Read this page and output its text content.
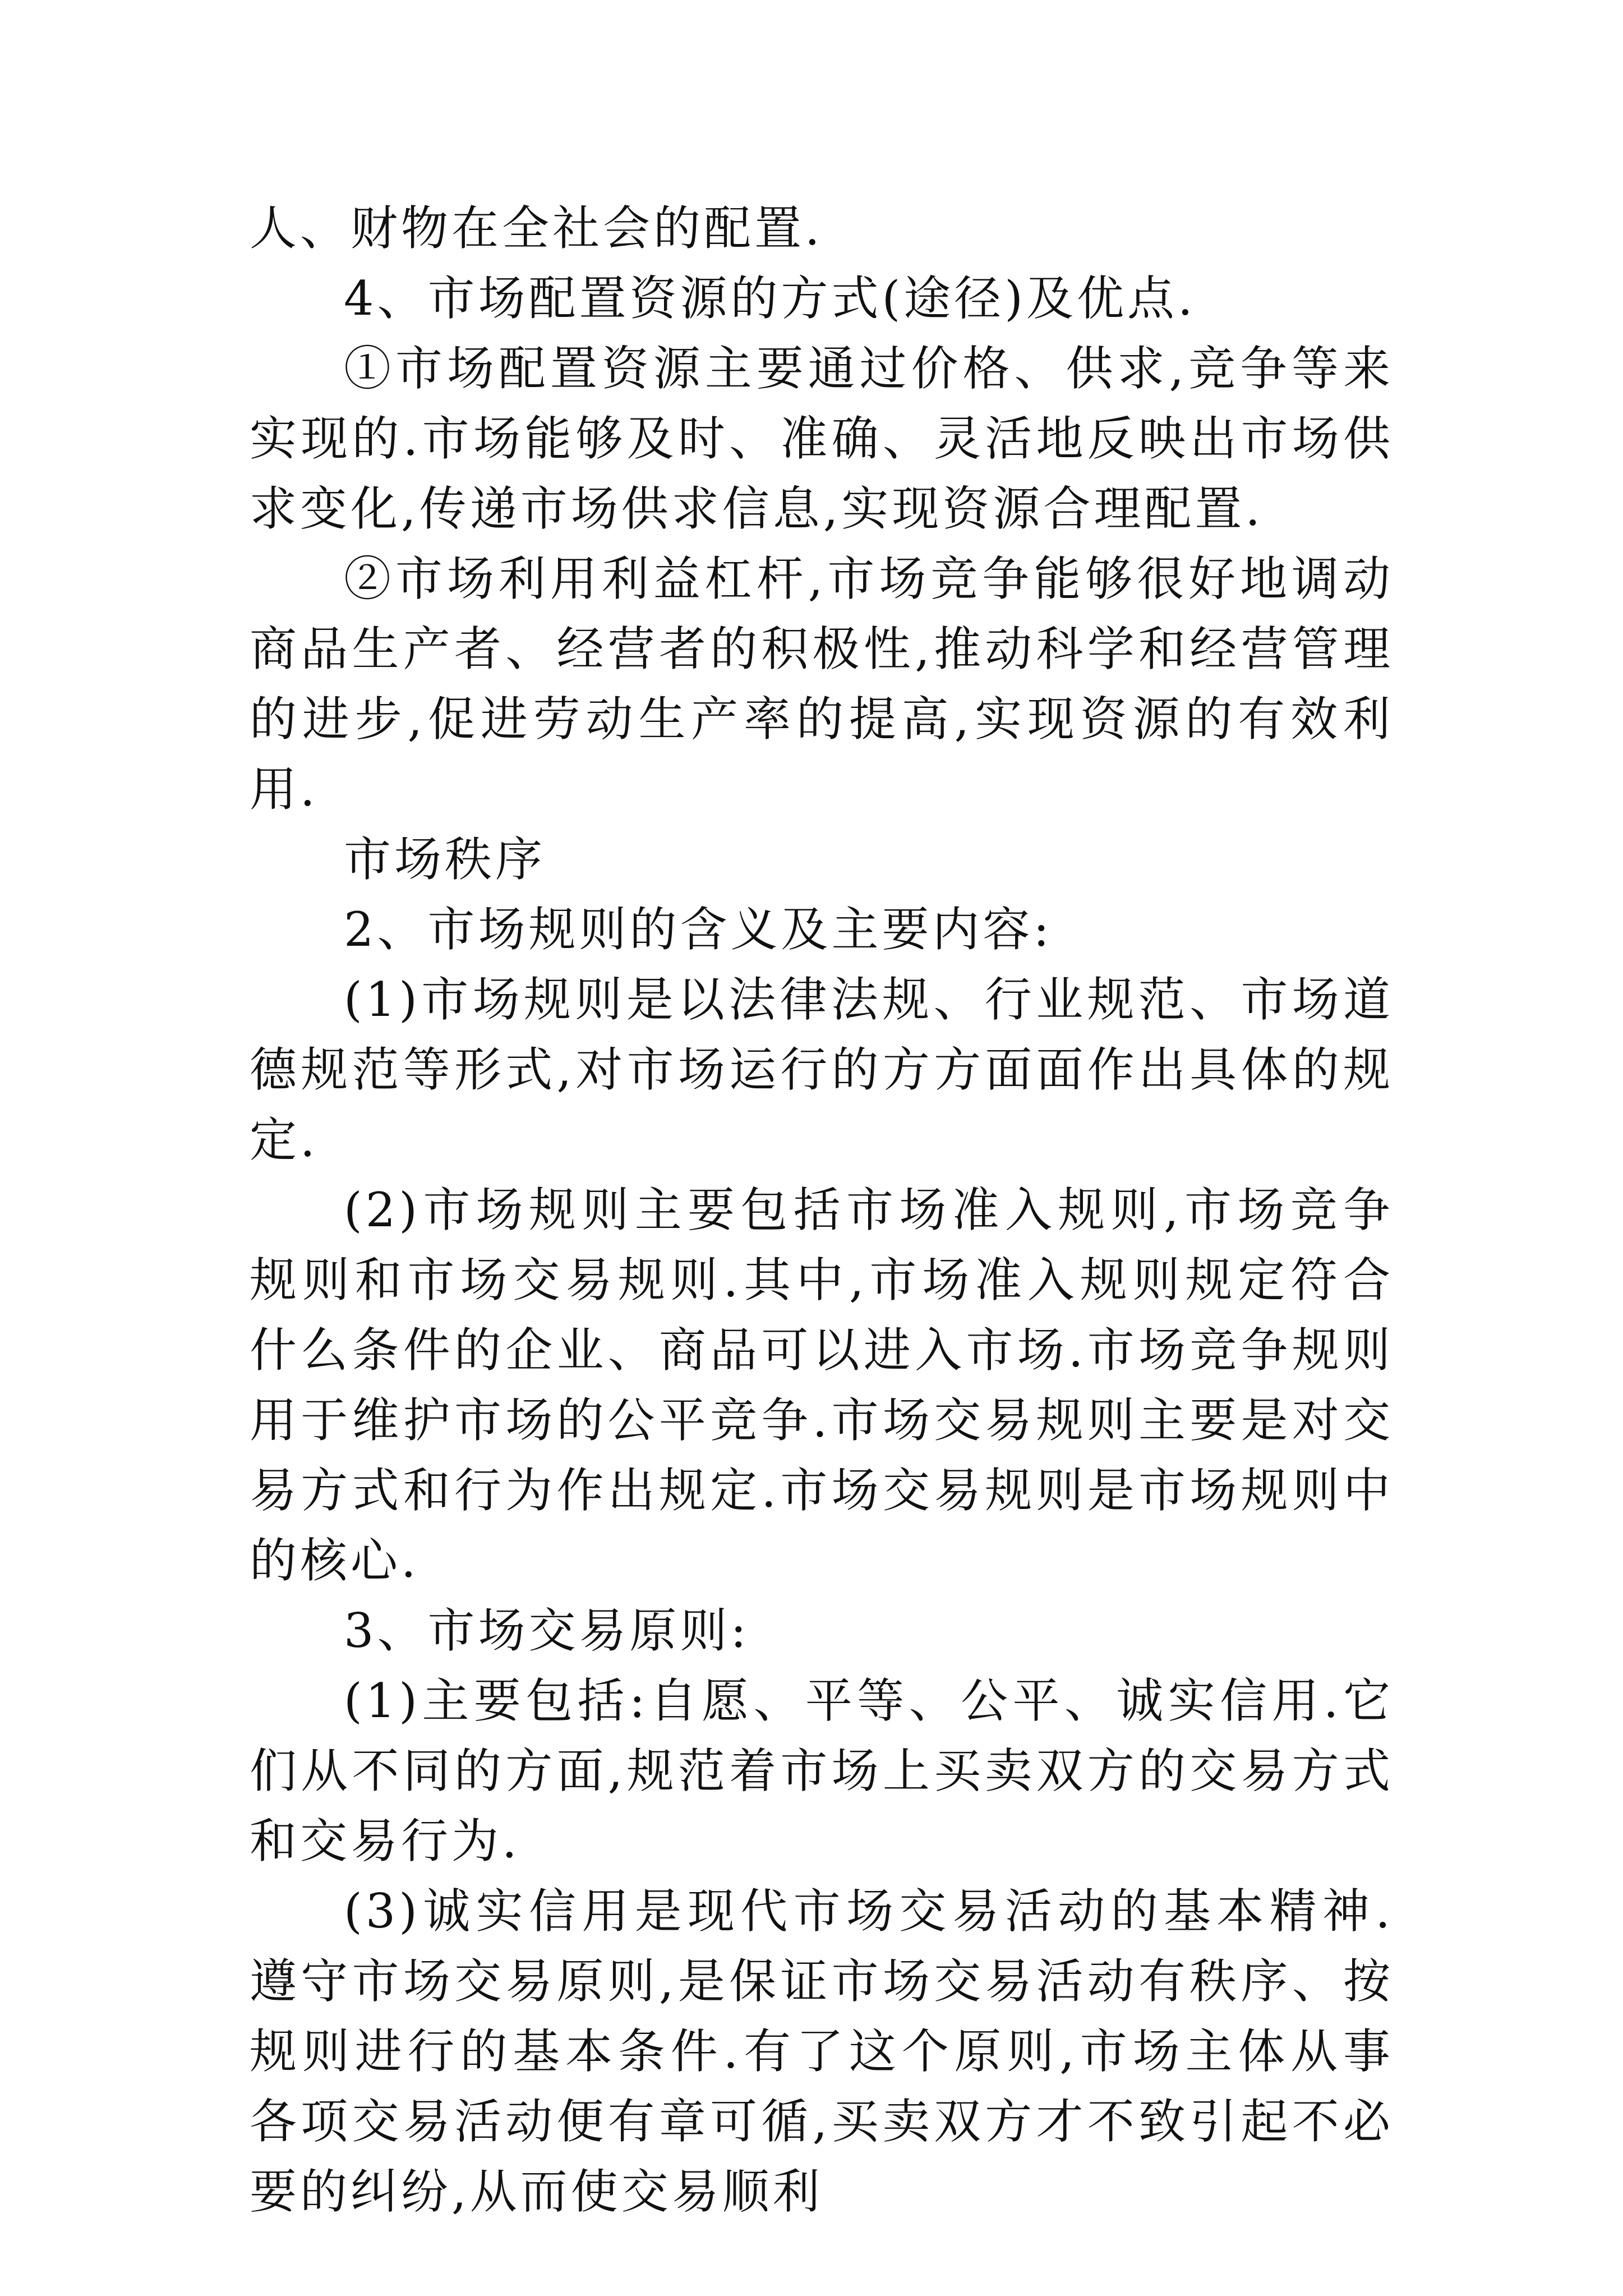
人、财物在全社会的配置.

4、市场配置资源的方式(途径)及优点.

①市场配置资源主要通过价格、供求,竞争等来实现的.市场能够及时、准确、灵活地反映出市场供求变化,传递市场供求信息,实现资源合理配置.

②市场利用利益杠杆,市场竞争能够很好地调动商品生产者、经营者的积极性,推动科学和经营管理的进步,促进劳动生产率的提高,实现资源的有效利用.

市场秩序

2、市场规则的含义及主要内容:

(1)市场规则是以法律法规、行业规范、市场道德规范等形式,对市场运行的方方面面作出具体的规定.

(2)市场规则主要包括市场准入规则,市场竞争规则和市场交易规则.其中,市场准入规则规定符合什么条件的企业、商品可以进入市场.市场竞争规则用于维护市场的公平竞争.市场交易规则主要是对交易方式和行为作出规定.市场交易规则是市场规则中的核心.

3、市场交易原则:

(1)主要包括:自愿、平等、公平、诚实信用.它们从不同的方面,规范着市场上买卖双方的交易方式和交易行为.

(3)诚实信用是现代市场交易活动的基本精神.遵守市场交易原则,是保证市场交易活动有秩序、按规则进行的基本条件.有了这个原则,市场主体从事各项交易活动便有章可循,买卖双方才不致引起不必要的纠纷,从而使交易顺利
